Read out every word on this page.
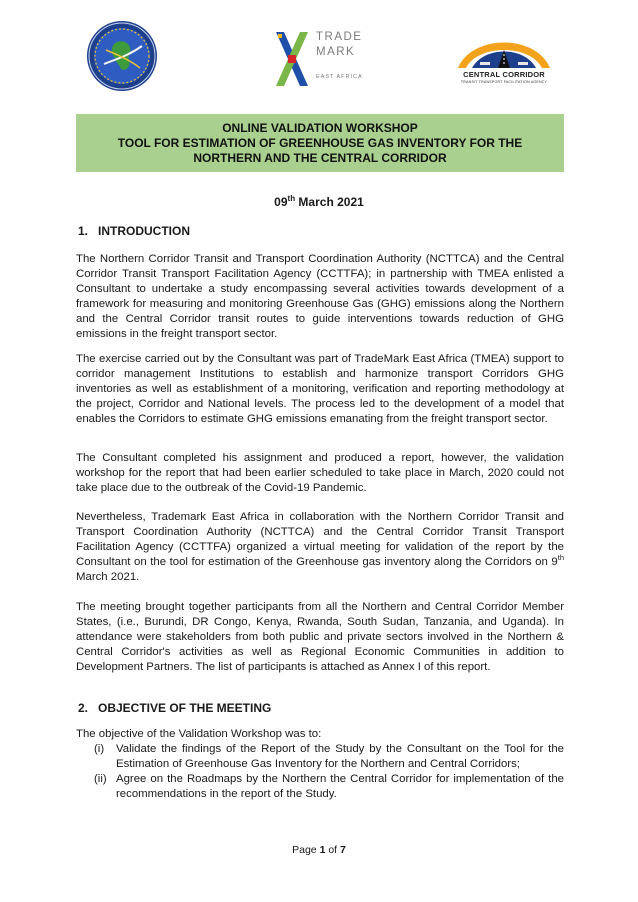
TRADE
MARK
EAST AFRICA	CENTRAL CORRIDOR
TRANSIT TRANSPORT FACILITATION AGENCY
ONLINE VALIDATION WORKSHOP
TOOL FOR ESTIMATION OF GREENHOUSE GAS INVENTORY FOR THE
NORTHERN AND THE CENTRAL CORRIDOR
09th March 2021
1. INTRODUCTION

The Northern Corridor Transit and Transport Coordination Authority (NCTTCA) and the Central Corridor Transit Transport Facilitation Agency (CCTTFA); in partnership with TMEA enlisted a Consultant to undertake a study encompassing several activities towards development of a framework for measuring and monitoring Greenhouse Gas (GHG) emissions along the Northern and the Central Corridor transit routes to guide interventions towards reduction of GHG emissions in the freight transport sector.

The exercise carried out by the Consultant was part of TradeMark East Africa (TMEA) support to corridor management Institutions to establish and harmonize transport Corridors GHG inventories as well as establishment of a monitoring, verification and reporting methodology at the project, Corridor and National levels. The process led to the development of a model that enables the Corridors to estimate GHG emissions emanating from the freight transport sector.

The Consultant completed his assignment and produced a report, however, the validation workshop for the report that had been earlier scheduled to take place in March, 2020 could not take place due to the outbreak of the Covid-19 Pandemic.

Nevertheless, Trademark East Africa in collaboration with the Northern Corridor Transit and Transport Coordination Authority (NCTTCA) and the Central Corridor Transit Transport Facilitation Agency (CCTTFA) organized a virtual meeting for validation of the report by the Consultant on the tool for estimation of the Greenhouse gas inventory along the Corridors on 9th March 2021.

The meeting brought together participants from all the Northern and Central Corridor Member States, (i.e., Burundi, DR Congo, Kenya, Rwanda, South Sudan, Tanzania, and Uganda). In attendance were stakeholders from both public and private sectors involved in the Northern & Central Corridor's activities as well as Regional Economic Communities in addition to Development Partners. The list of participants is attached as Annex I of this report.

2. OBJECTIVE OF THE MEETING

The objective of the Validation Workshop was to:

(i) Validate the findings of the Report of the Study by the Consultant on the Tool for the Estimation of Greenhouse Gas Inventory for the Northern and Central Corridors;
(ii) Agree on the Roadmaps by the Northern the Central Corridor for implementation of the recommendations in the report of the Study.
Page 1 of 7
